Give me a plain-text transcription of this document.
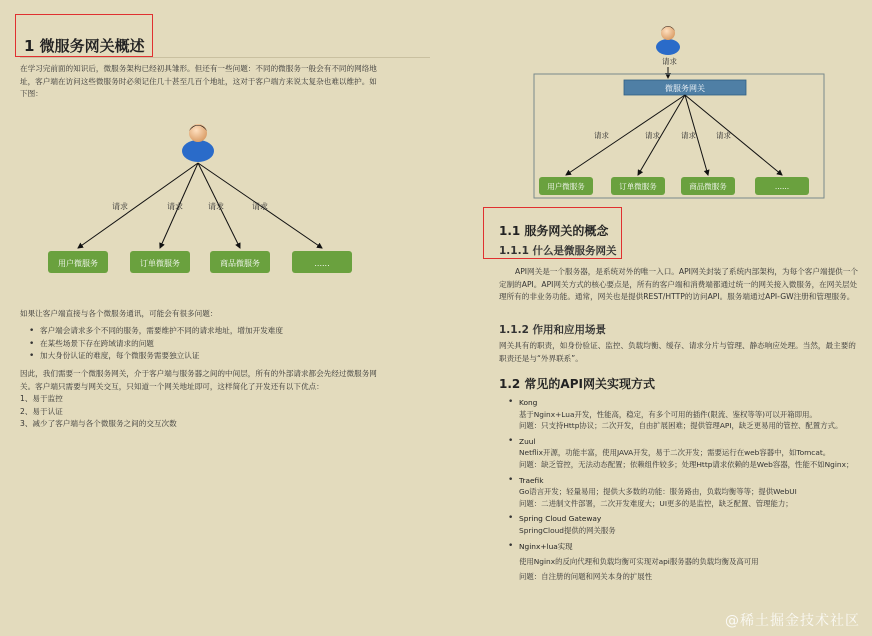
1 微服务网关概述
在学习完前面的知识后，微服务架构已经初具雏形。但还有一些问题：不同的微服务一般会有不同的网络地址，客户端在访问这些微服务时必须记住几十甚至几百个地址，这对于客户端方来说太复杂也难以维护。如下图：
请求	请求	请求	请求
用户微服务	订单微服务	商品微服务	......
如果让客户端直接与各个微服务通讯，可能会有很多问题：
• 客户端会请求多个不同的服务，需要维护不同的请求地址，增加开发难度
• 在某些场景下存在跨域请求的问题
• 加大身份认证的难度，每个微服务需要独立认证
因此，我们需要一个微服务网关，介于客户端与服务器之间的中间层，所有的外部请求都会先经过微服务网关。客户端只需要与网关交互，只知道一个网关地址即可，这样简化了开发还有以下优点：
1、易于监控
2、易于认证
3、减少了客户端与各个微服务之间的交互次数
请求
微服务网关
请求	请求	请求	请求
用户微服务	订单微服务	商品微服务	......
1.1 服务网关的概念
1.1.1 什么是微服务网关
API网关是一个服务器，是系统对外的唯一入口。API网关封装了系统内部架构，为每个客户端提供一个定制的API。API网关方式的核心要点是，所有的客户端和消费端都通过统一的网关接入微服务，在网关层处理所有的非业务功能。通常，网关也是提供REST/HTTP的访问API。服务端通过API-GW注册和管理服务。
1.1.2 作用和应用场景
网关具有的职责，如身份验证、监控、负载均衡、缓存、请求分片与管理、静态响应处理。当然，最主要的职责还是与“外界联系”。
1.2 常见的API网关实现方式
• Kong
基于Nginx+Lua开发，性能高，稳定，有多个可用的插件(限流、鉴权等等)可以开箱即用。
问题：只支持Http协议；二次开发，自由扩展困难；提供管理API，缺乏更易用的管控、配置方式。
• Zuul
Netflix开源，功能丰富，使用JAVA开发，易于二次开发；需要运行在web容器中，如Tomcat。
问题：缺乏管控，无法动态配置；依赖组件较多；处理Http请求依赖的是Web容器，性能不如Nginx；
• Traefik
Go语言开发；轻量易用；提供大多数的功能：服务路由，负载均衡等等；提供WebUI
问题：二进制文件部署，二次开发难度大；UI更多的是监控，缺乏配置、管理能力；
• Spring Cloud Gateway
SpringCloud提供的网关服务
• Nginx+lua实现
使用Nginx的反向代理和负载均衡可实现对api服务器的负载均衡及高可用
问题：自注册的问题和网关本身的扩展性
@稀土掘金技术社区
